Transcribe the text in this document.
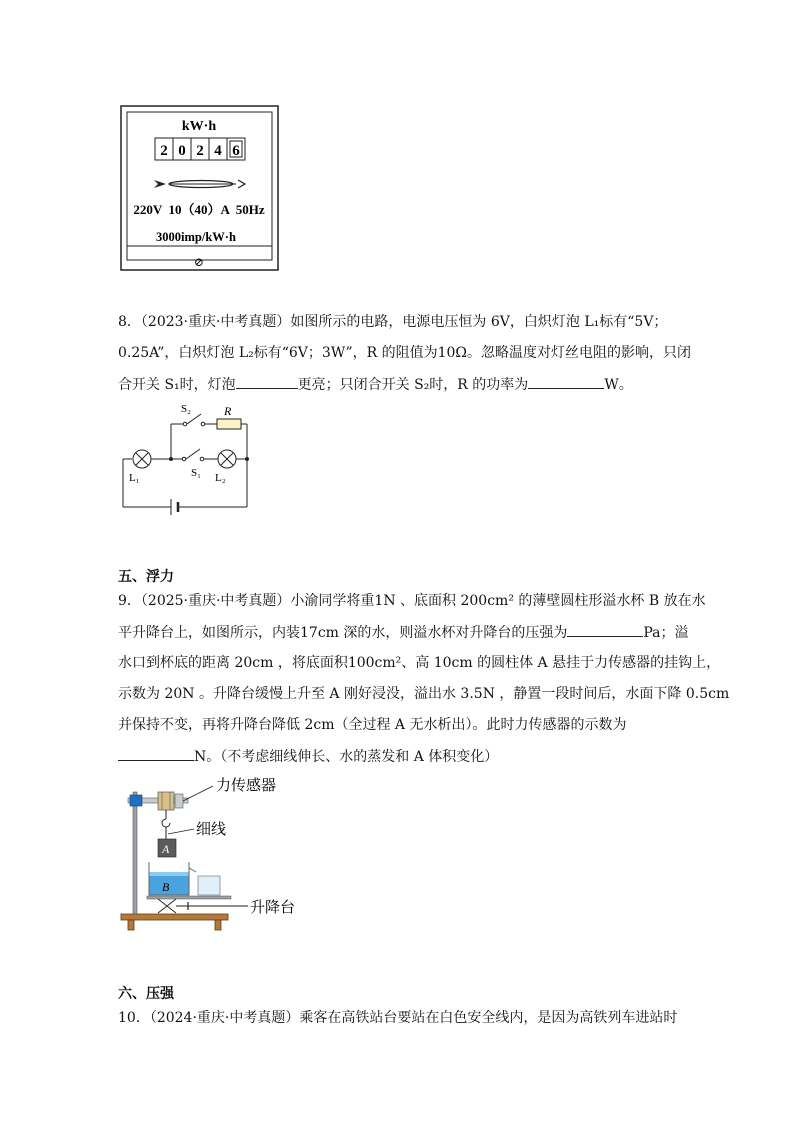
kW·h
2 0 2 4 6
220V  10（40）A  50Hz
3000imp/kW·h
⊘
8．（2023·重庆·中考真题）如图所示的电路，电源电压恒为 6V，白炽灯泡 L₁标有“5V；
0.25A”，白炽灯泡 L₂标有“6V；3W”，R 的阻值为10Ω。忽略温度对灯丝电阻的影响，只闭
合开关 S₁时，灯泡	更亮；只闭合开关 S₂时，R 的功率为	W。
S₂	R
S₁
L₁	L₂
五、浮力
9．（2025·重庆·中考真题）小渝同学将重1N 、底面积 200cm² 的薄壁圆柱形溢水杯 B 放在水
平升降台上，如图所示，内装17cm 深的水，则溢水杯对升降台的压强为	Pa；溢
水口到杯底的距离 20cm ，将底面积100cm²、高 10cm 的圆柱体 A 悬挂于力传感器的挂钩上，
示数为 20N 。升降台缓慢上升至 A 刚好浸没，溢出水 3.5N ，静置一段时间后，水面下降 0.5cm
并保持不变，再将升降台降低 2cm（全过程 A 无水析出）。此时力传感器的示数为
N。（不考虑细线伸长、水的蒸发和 A 体积变化）
力传感器
细线
A
B
升降台
六、压强
10．（2024·重庆·中考真题）乘客在高铁站台要站在白色安全线内，是因为高铁列车进站时
